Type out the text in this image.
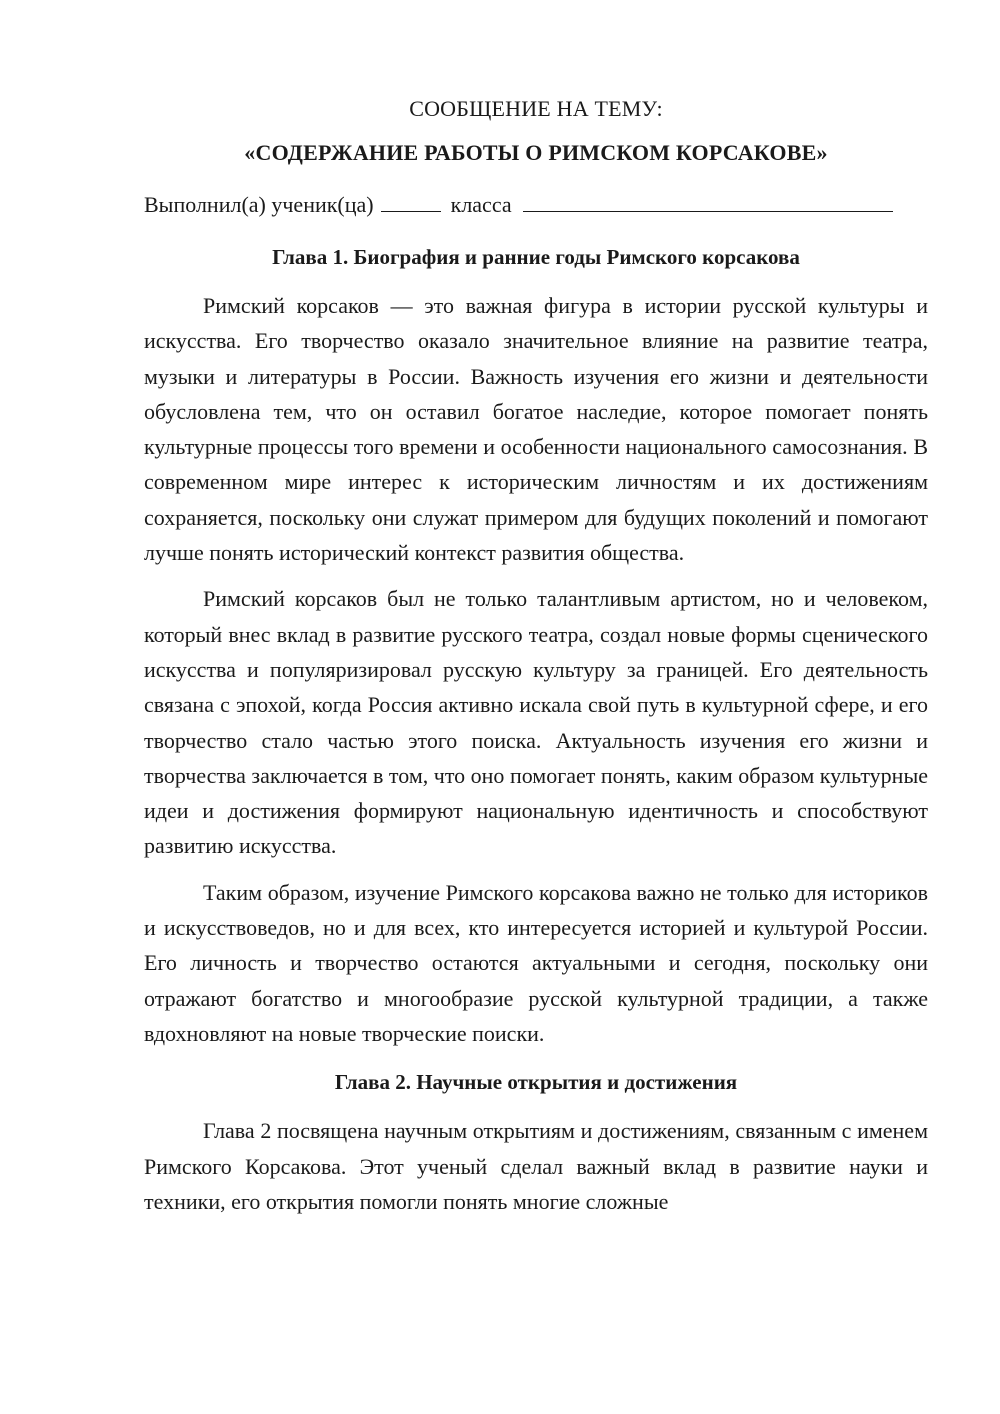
СООБЩЕНИЕ НА ТЕМУ:

«СОДЕРЖАНИЕ РАБОТЫ О РИМСКОМ КОРСАКОВЕ»

Выполнил(а) ученик(ца)	класса

Глава 1. Биография и ранние годы Римского корсакова

Римский корсаков — это важная фигура в истории русской культуры и искусства. Его творчество оказало значительное влияние на развитие театра, музыки и литературы в России. Важность изучения его жизни и деятельности обусловлена тем, что он оставил богатое наследие, которое помогает понять культурные процессы того времени и особенности национального самосознания. В современном мире интерес к историческим личностям и их достижениям сохраняется, поскольку они служат примером для будущих поколений и помогают лучше понять исторический контекст развития общества.

Римский корсаков был не только талантливым артистом, но и человеком, который внес вклад в развитие русского театра, создал новые формы сценического искусства и популяризировал русскую культуру за границей. Его деятельность связана с эпохой, когда Россия активно искала свой путь в культурной сфере, и его творчество стало частью этого поиска. Актуальность изучения его жизни и творчества заключается в том, что оно помогает понять, каким образом культурные идеи и достижения формируют национальную идентичность и способствуют развитию искусства.

Таким образом, изучение Римского корсакова важно не только для историков и искусствоведов, но и для всех, кто интересуется историей и культурой России. Его личность и творчество остаются актуальными и сегодня, поскольку они отражают богатство и многообразие русской культурной традиции, а также вдохновляют на новые творческие поиски.

Глава 2. Научные открытия и достижения

Глава 2 посвящена научным открытиям и достижениям, связанным с именем Римского Корсакова. Этот ученый сделал важный вклад в развитие науки и техники, его открытия помогли понять многие сложные
